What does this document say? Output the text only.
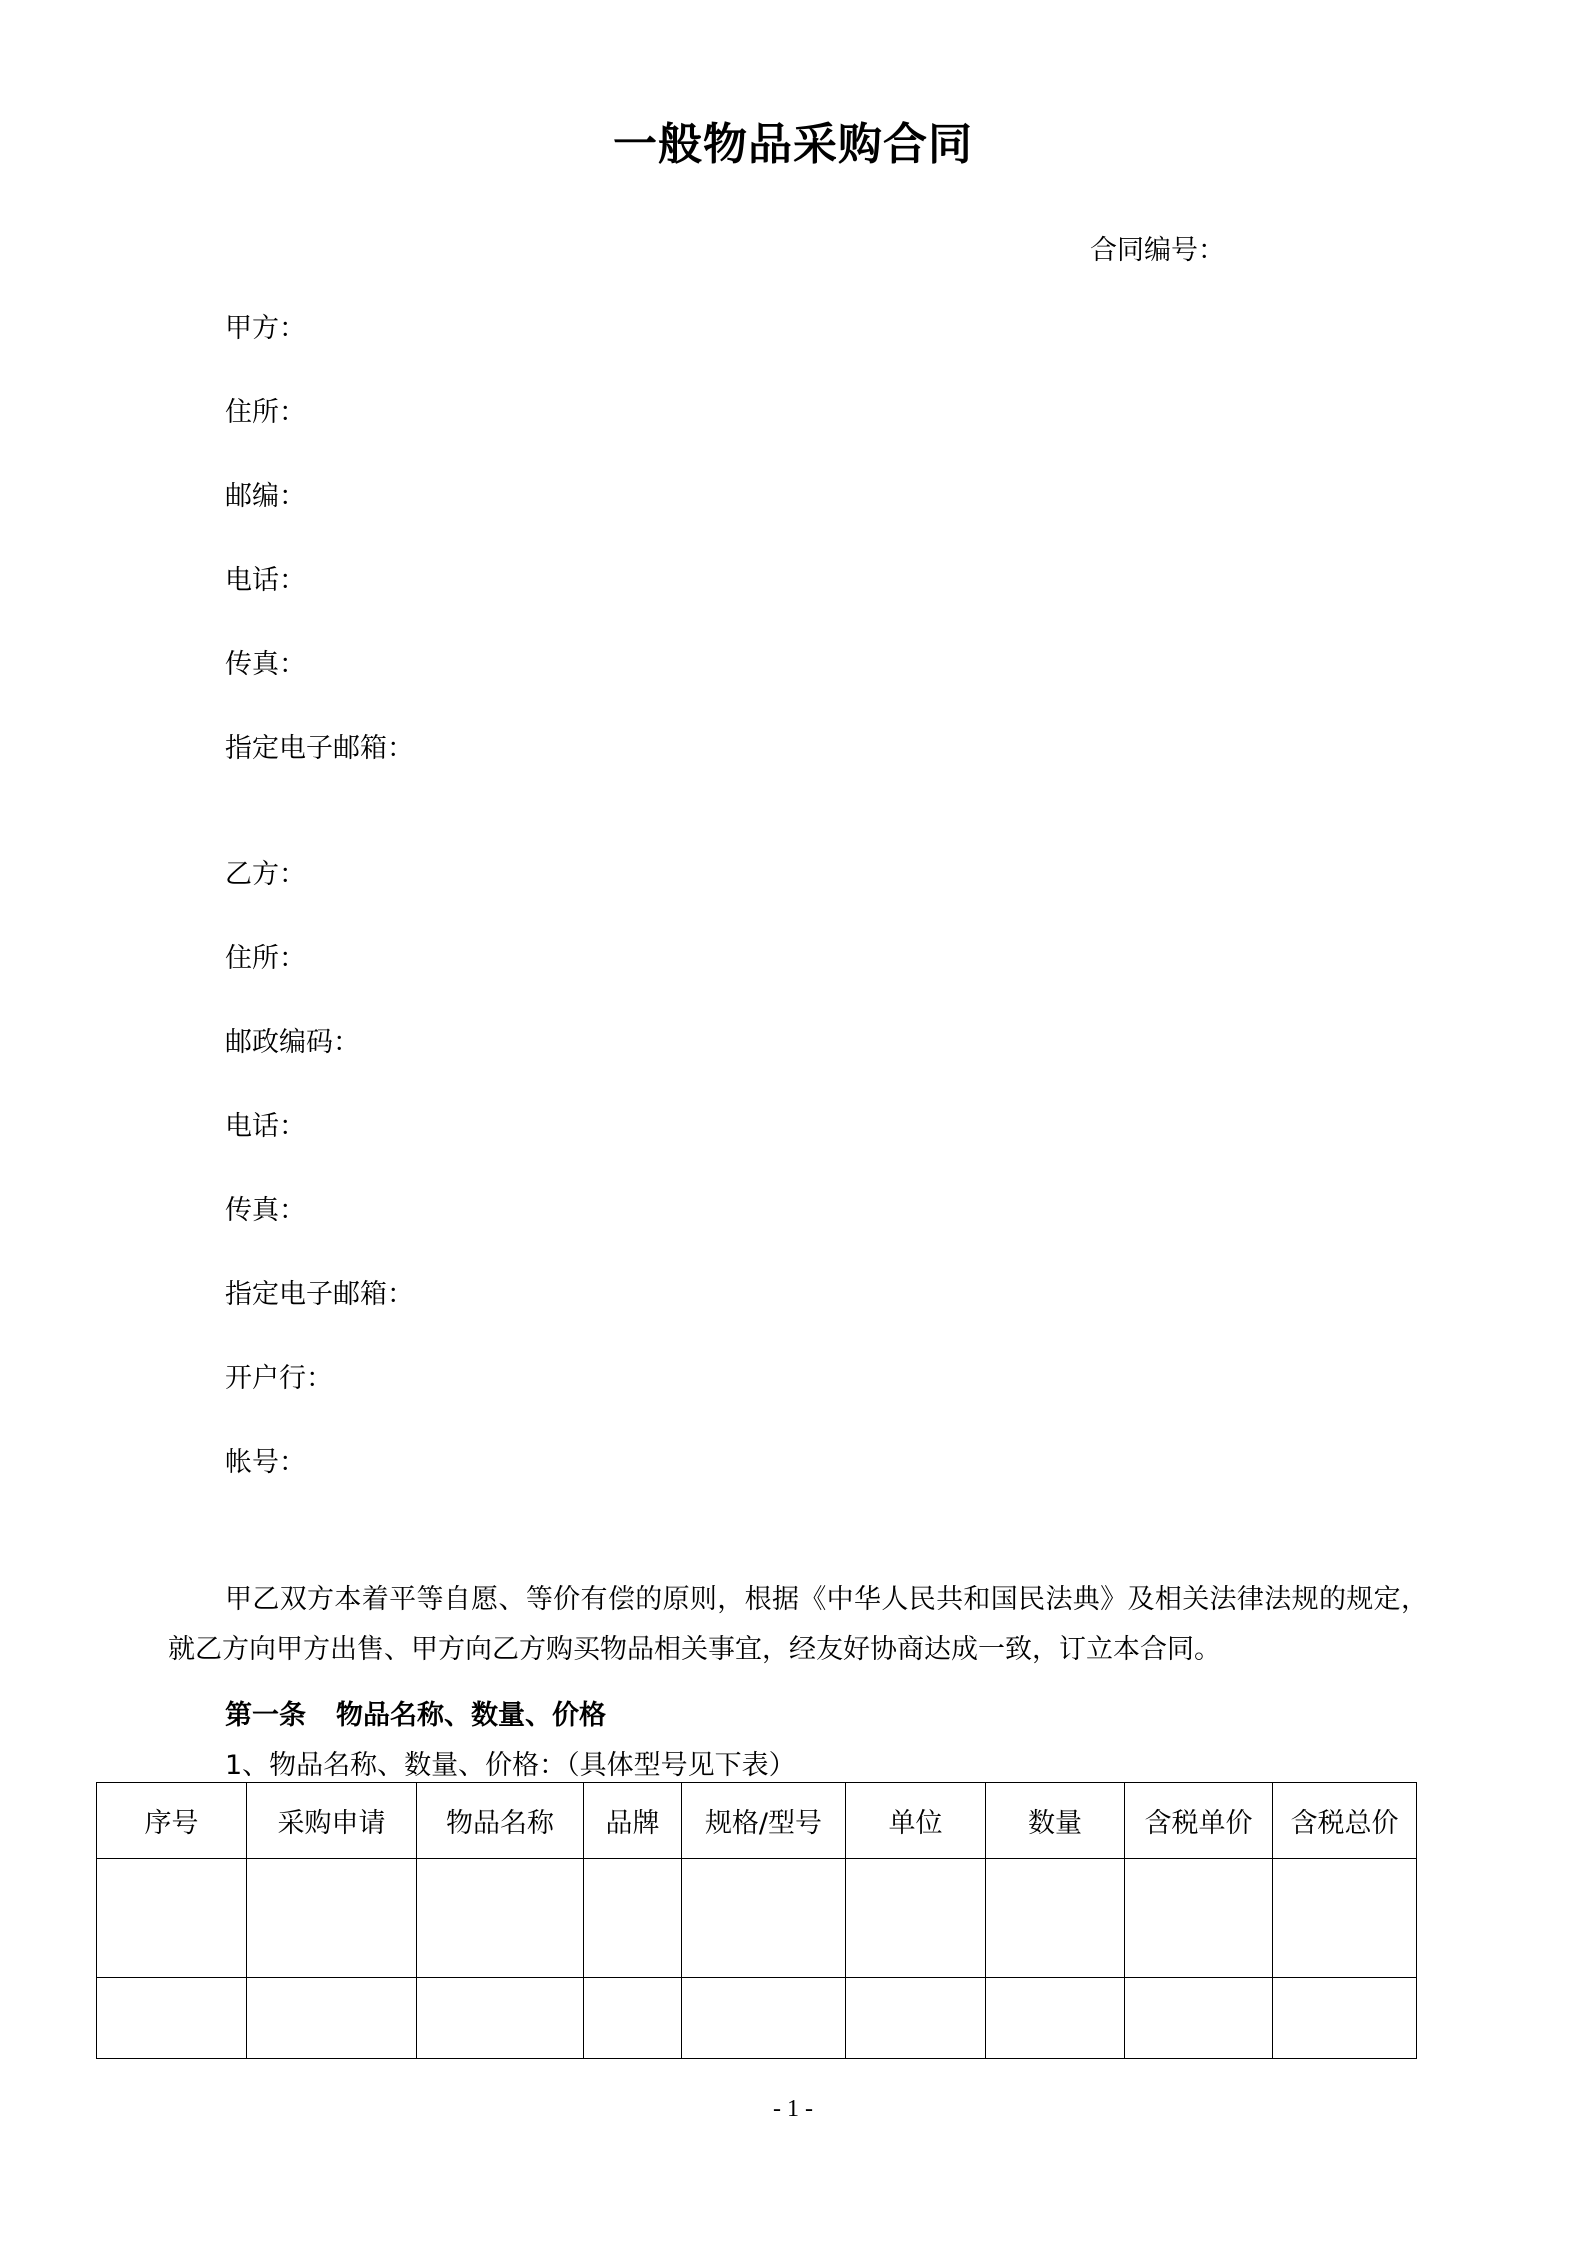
一般物品采购合同
合同编号：
甲方：
住所：
邮编：
电话：
传真：
指定电子邮箱：
乙方：
住所：
邮政编码：
电话：
传真：
指定电子邮箱：
开户行：
帐号：
甲乙双方本着平等自愿、等价有偿的原则，根据《中华人民共和国民法典》及相关法律法规的规定，就乙方向甲方出售、甲方向乙方购买物品相关事宜，经友好协商达成一致，订立本合同。
第一条 物品名称、数量、价格
1、物品名称、数量、价格：（具体型号见下表）
序号	采购申请	物品名称	品牌	规格/型号	单位	数量	含税单价	含税总价

- 1 -
